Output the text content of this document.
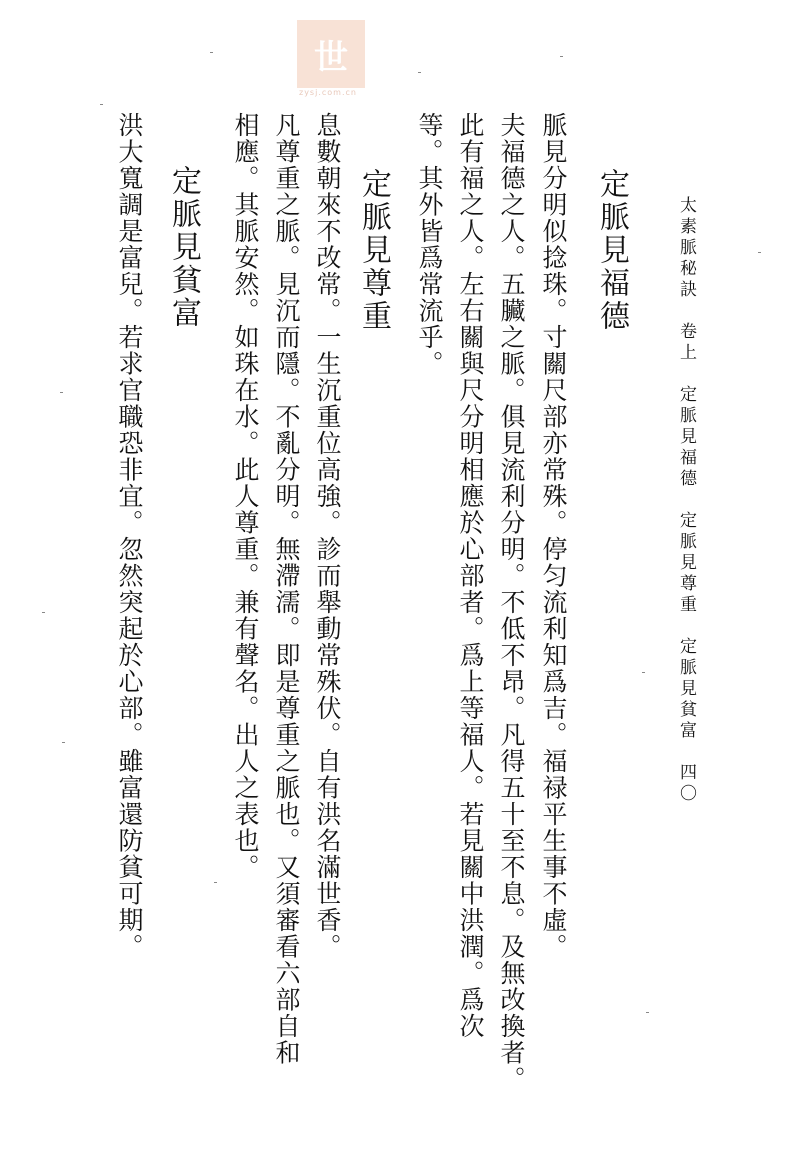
世
zysj.com.cn
太素脈秘訣　卷上　定脈見福德　定脈見尊重　定脈見貧富　四〇
定脈見福德
脈見分明似捻珠。寸關尺部亦常殊。停匀流利知爲吉。福禄平生事不虛。
夫福德之人。五臟之脈。俱見流利分明。不低不昂。凡得五十至不息。及無改換者。
此有福之人。左右關與尺分明相應於心部者。爲上等福人。若見關中洪潤。爲次
等。其外皆爲常流乎。
定脈見尊重
息數朝來不改常。一生沉重位高強。診而舉動常殊伏。自有洪名滿世香。
凡尊重之脈。見沉而隱。不亂分明。無滯濡。即是尊重之脈也。又須審看六部自和
相應。其脈安然。如珠在水。此人尊重。兼有聲名。出人之表也。
定脈見貧富
洪大寬調是富兒。若求官職恐非宜。忽然突起於心部。雖富還防貧可期。
